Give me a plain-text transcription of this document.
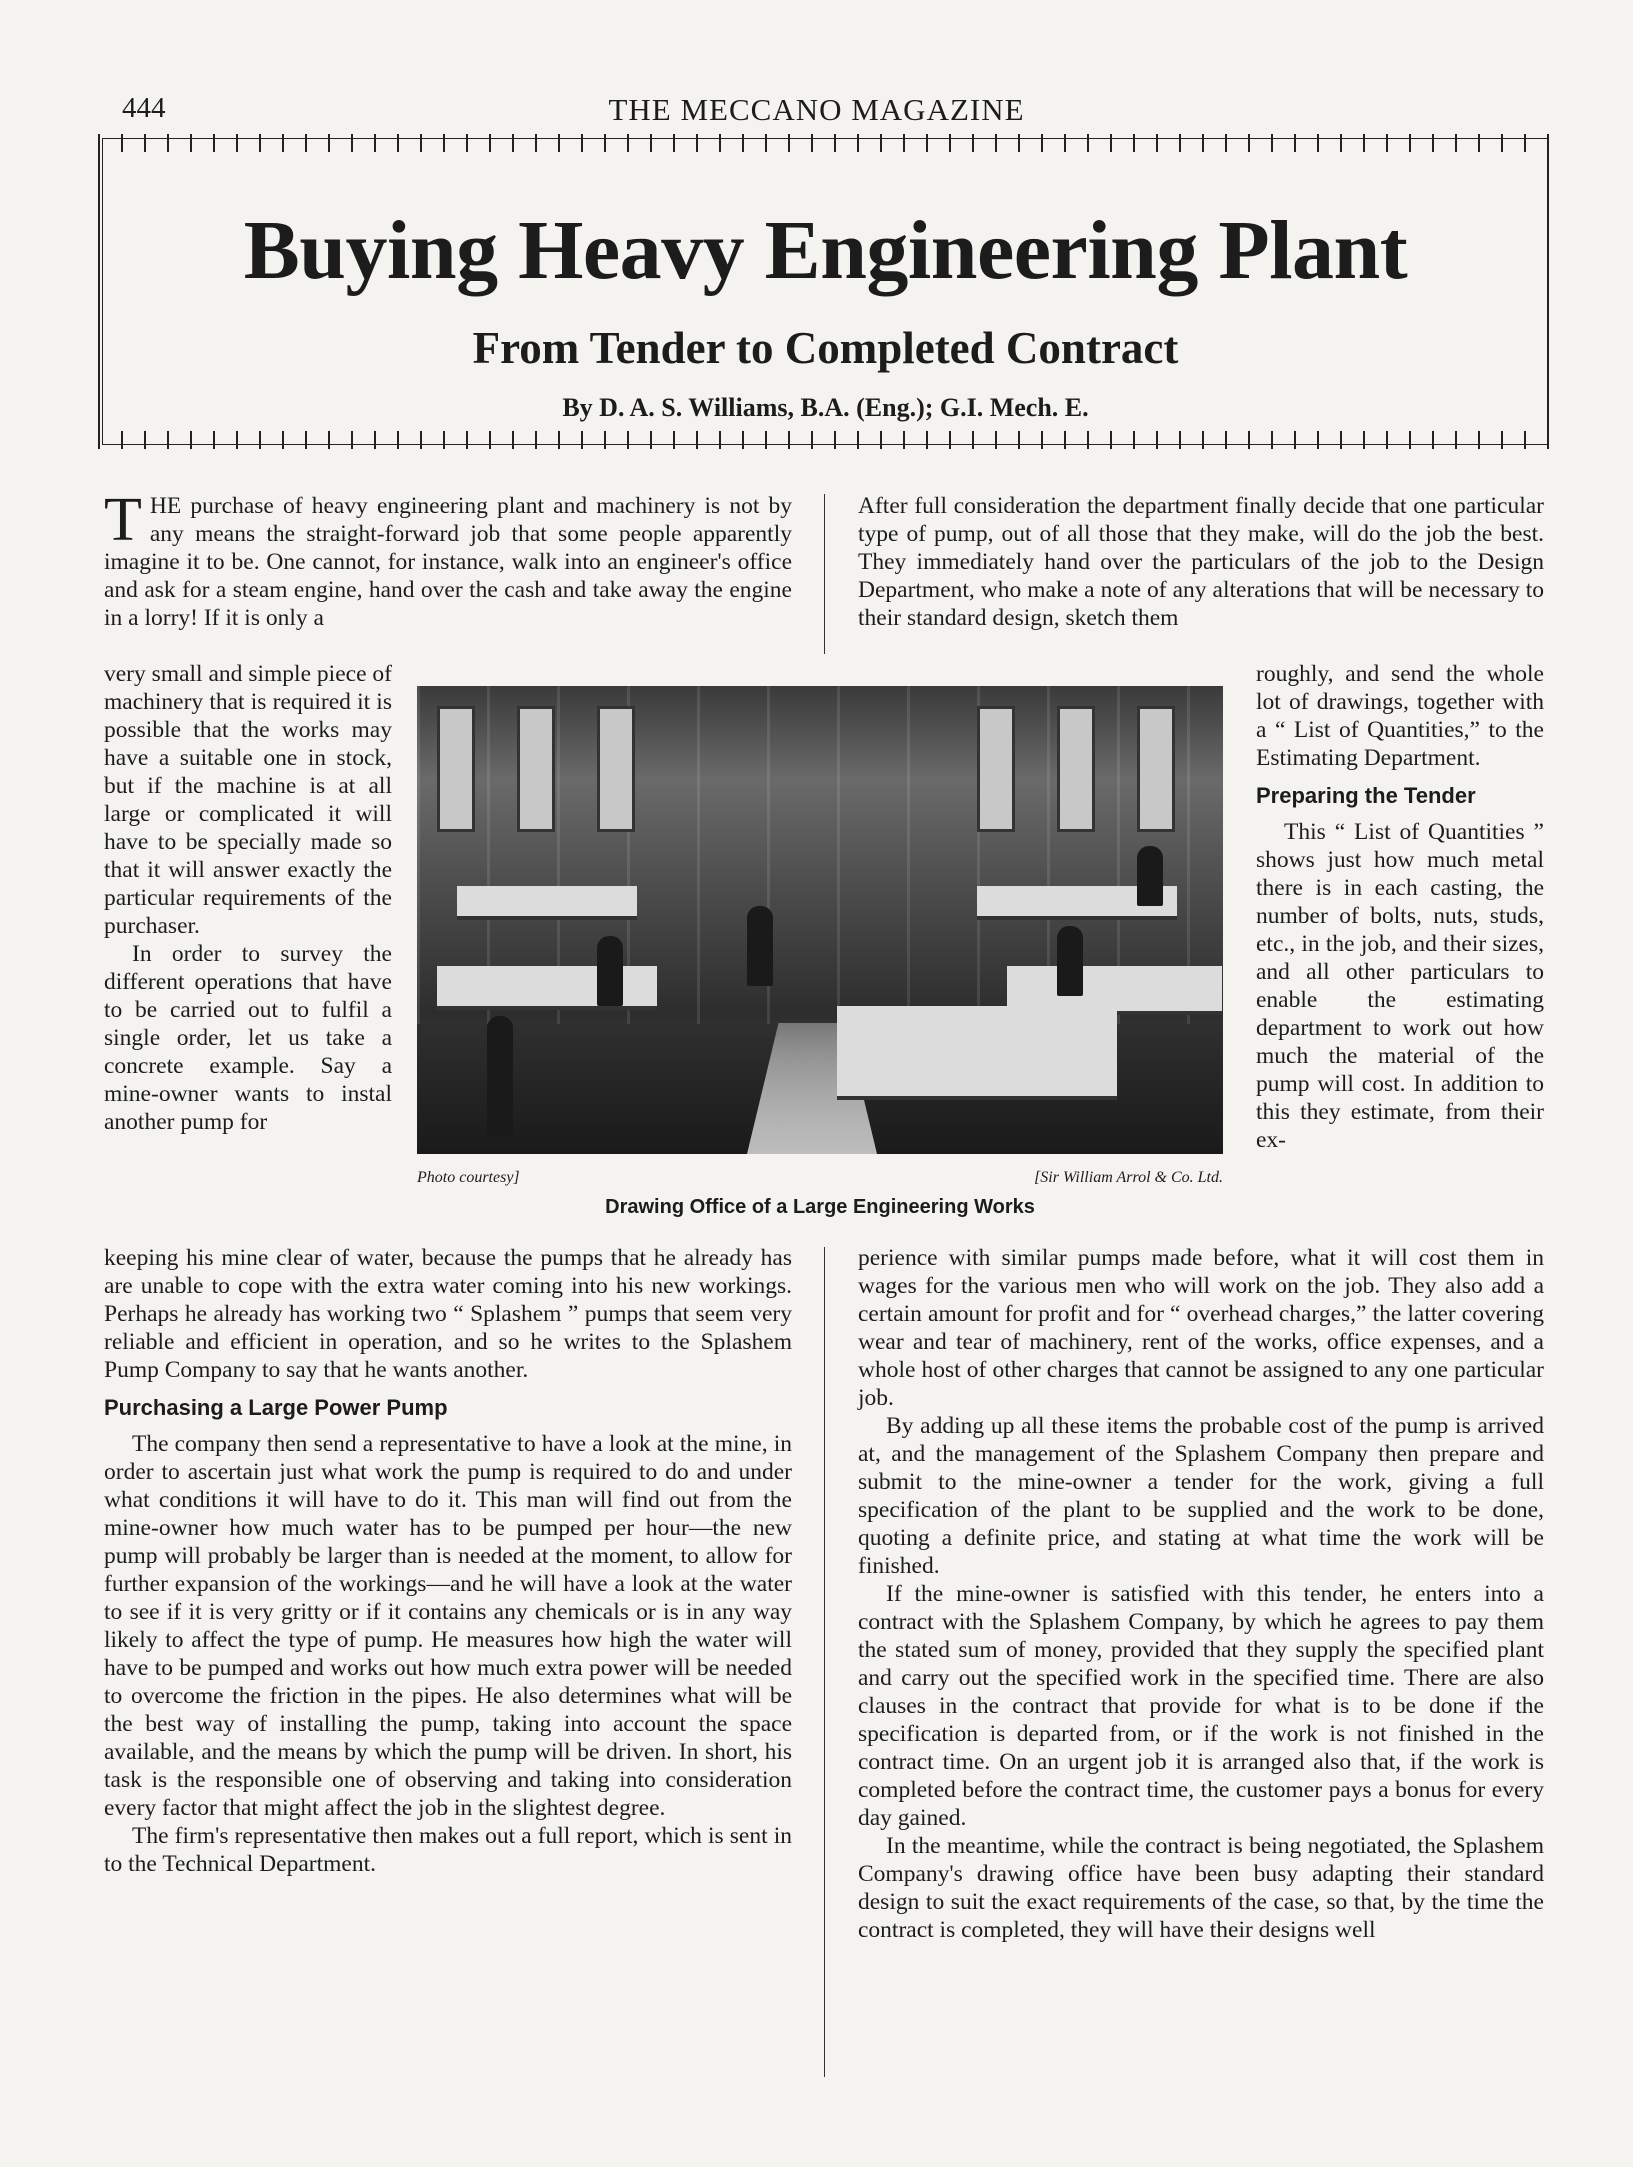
444	THE MECCANO MAGAZINE
Buying Heavy Engineering Plant
From Tender to Completed Contract
By D. A. S. Williams, B.A. (Eng.); G.I. Mech. E.

THE purchase of heavy engineering plant and machinery is not by any means the straight-forward job that some people apparently imagine it to be. One cannot, for instance, walk into an engineer's office and ask for a steam engine, hand over the cash and take away the engine in a lorry! If it is only a

After full consideration the department finally decide that one particular type of pump, out of all those that they make, will do the job the best. They immediately hand over the particulars of the job to the Design Department, who make a note of any alterations that will be necessary to their standard design, sketch them

very small and simple piece of machinery that is required it is possible that the works may have a suitable one in stock, but if the machine is at all large or complicated it will have to be specially made so that it will answer exactly the particular requirements of the purchaser.

In order to survey the different operations that have to be carried out to fulfil a single order, let us take a concrete example. Say a mine-owner wants to instal another pump for

Photo courtesy]	[Sir William Arrol & Co. Ltd.
Drawing Office of a Large Engineering Works

roughly, and send the whole lot of drawings, together with a “ List of Quantities,” to the Estimating Department.

Preparing the Tender

This “ List of Quantities ” shows just how much metal there is in each casting, the number of bolts, nuts, studs, etc., in the job, and their sizes, and all other particulars to enable the estimating department to work out how much the material of the pump will cost. In addition to this they estimate, from their ex-

keeping his mine clear of water, because the pumps that he already has are unable to cope with the extra water coming into his new workings. Perhaps he already has working two “ Splashem ” pumps that seem very reliable and efficient in operation, and so he writes to the Splashem Pump Company to say that he wants another.

Purchasing a Large Power Pump

The company then send a representative to have a look at the mine, in order to ascertain just what work the pump is required to do and under what conditions it will have to do it. This man will find out from the mine-owner how much water has to be pumped per hour—the new pump will probably be larger than is needed at the moment, to allow for further expansion of the workings—and he will have a look at the water to see if it is very gritty or if it contains any chemicals or is in any way likely to affect the type of pump. He measures how high the water will have to be pumped and works out how much extra power will be needed to overcome the friction in the pipes. He also determines what will be the best way of installing the pump, taking into account the space available, and the means by which the pump will be driven. In short, his task is the responsible one of observing and taking into consideration every factor that might affect the job in the slightest degree.

The firm's representative then makes out a full report, which is sent in to the Technical Department.

perience with similar pumps made before, what it will cost them in wages for the various men who will work on the job. They also add a certain amount for profit and for “ overhead charges,” the latter covering wear and tear of machinery, rent of the works, office expenses, and a whole host of other charges that cannot be assigned to any one particular job.

By adding up all these items the probable cost of the pump is arrived at, and the management of the Splashem Company then prepare and submit to the mine-owner a tender for the work, giving a full specification of the plant to be supplied and the work to be done, quoting a definite price, and stating at what time the work will be finished.

If the mine-owner is satisfied with this tender, he enters into a contract with the Splashem Company, by which he agrees to pay them the stated sum of money, provided that they supply the specified plant and carry out the specified work in the specified time. There are also clauses in the contract that provide for what is to be done if the specification is departed from, or if the work is not finished in the contract time. On an urgent job it is arranged also that, if the work is completed before the contract time, the customer pays a bonus for every day gained.

In the meantime, while the contract is being negotiated, the Splashem Company's drawing office have been busy adapting their standard design to suit the exact requirements of the case, so that, by the time the contract is completed, they will have their designs well
